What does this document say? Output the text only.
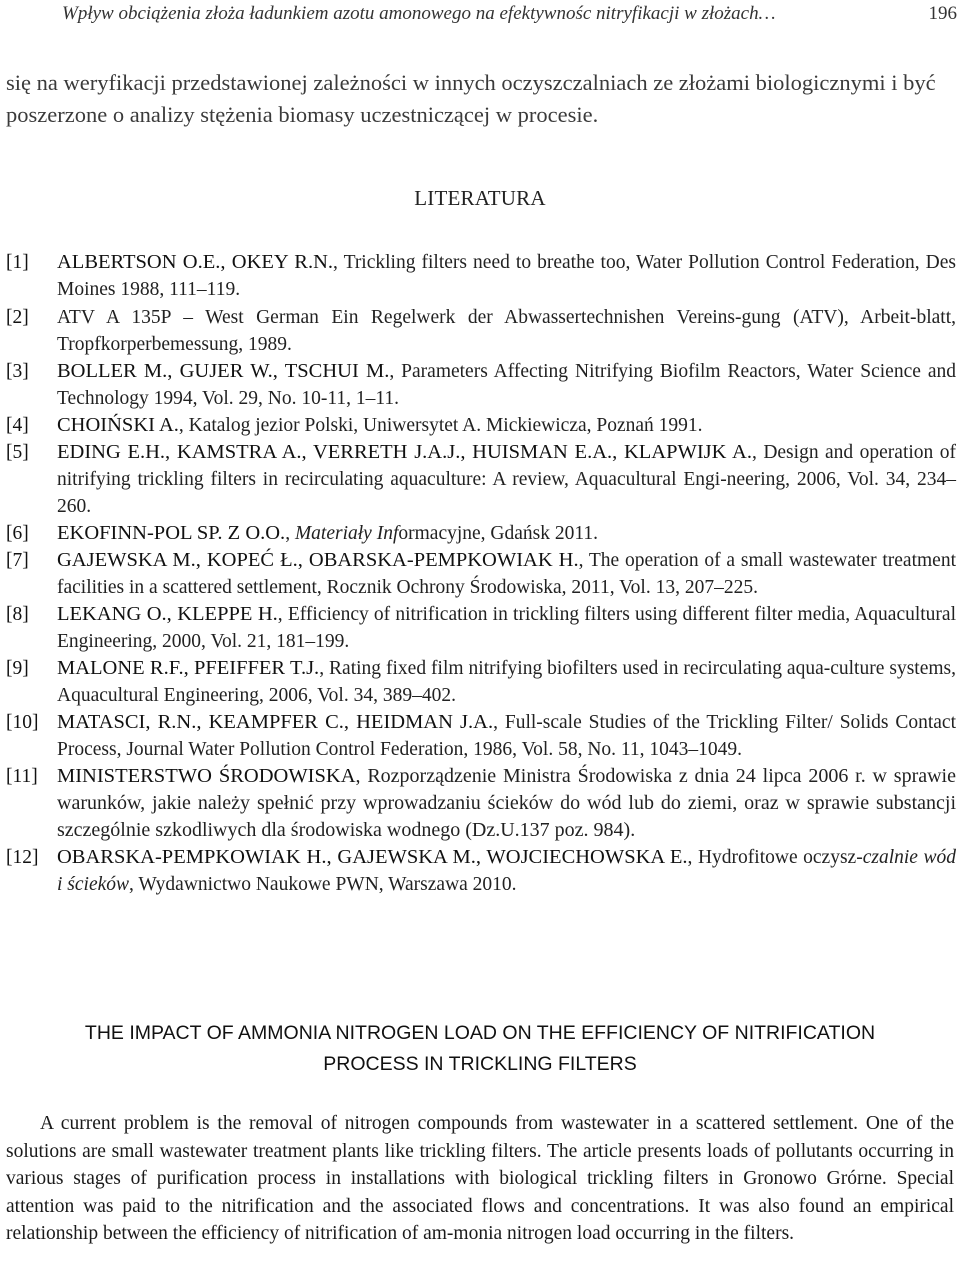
Wpływ obciążenia złoża ładunkiem azotu amonowego na efektywnośc nitryfikacji w złożach…	196

się na weryfikacji przedstawionej zależności w innych oczyszczalniach ze złożami biologicznymi i być poszerzone o analizy stężenia biomasy uczestniczącej w procesie.

LITERATURA
[1] ALBERTSON O.E., OKEY R.N., Trickling filters need to breathe too, Water Pollution Control Federation, Des Moines 1988, 111–119.
[2] ATV A 135P – West German Ein Regelwerk der Abwassertechnishen Vereins-gung (ATV), Arbeit-blatt, Tropfkorperbemessung, 1989.
[3] BOLLER M., GUJER W., TSCHUI M., Parameters Affecting Nitrifying Biofilm Reactors, Water Science and Technology 1994, Vol. 29, No. 10-11, 1–11.
[4] CHOIŃSKI A., Katalog jezior Polski, Uniwersytet A. Mickiewicza, Poznań 1991.
[5] EDING E.H., KAMSTRA A., VERRETH J.A.J., HUISMAN E.A., KLAPWIJK A., Design and operation of nitrifying trickling filters in recirculating aquaculture: A review, Aquacultural Engi-neering, 2006, Vol. 34, 234–260.
[6] EKOFINN-POL SP. Z O.O., Materiały Informacyjne, Gdańsk 2011.
[7] GAJEWSKA M., KOPEĆ Ł., OBARSKA-PEMPKOWIAK H., The operation of a small wastewater treatment facilities in a scattered settlement, Rocznik Ochrony Środowiska, 2011, Vol. 13, 207–225.
[8] LEKANG O., KLEPPE H., Efficiency of nitrification in trickling filters using different filter media, Aquacultural Engineering, 2000, Vol. 21, 181–199.
[9] MALONE R.F., PFEIFFER T.J., Rating fixed film nitrifying biofilters used in recirculating aqua-culture systems, Aquacultural Engineering, 2006, Vol. 34, 389–402.
[10] MATASCI, R.N., KEAMPFER C., HEIDMAN J.A., Full-scale Studies of the Trickling Filter/ Solids Contact Process, Journal Water Pollution Control Federation, 1986, Vol. 58, No. 11, 1043–1049.
[11] MINISTERSTWO ŚRODOWISKA, Rozporządzenie Ministra Środowiska z dnia 24 lipca 2006 r. w sprawie warunków, jakie należy spełnić przy wprowadzaniu ścieków do wód lub do ziemi, oraz w sprawie substancji szczególnie szkodliwych dla środowiska wodnego (Dz.U.137 poz. 984).
[12] OBARSKA-PEMPKOWIAK H., GAJEWSKA M., WOJCIECHOWSKA E., Hydrofitowe oczysz-czalnie wód i ścieków, Wydawnictwo Naukowe PWN, Warszawa 2010.
THE IMPACT OF AMMONIA NITROGEN LOAD ON THE EFFICIENCY OF NITRIFICATION
PROCESS IN TRICKLING FILTERS

A current problem is the removal of nitrogen compounds from wastewater in a scattered settlement. One of the solutions are small wastewater treatment plants like trickling filters. The article presents loads of pollutants occurring in various stages of purification process in installations with biological trickling filters in Gronowo Grórne. Special attention was paid to the nitrification and the associated flows and concentrations. It was also found an empirical relationship between the efficiency of nitrification of am-monia nitrogen load occurring in the filters.
